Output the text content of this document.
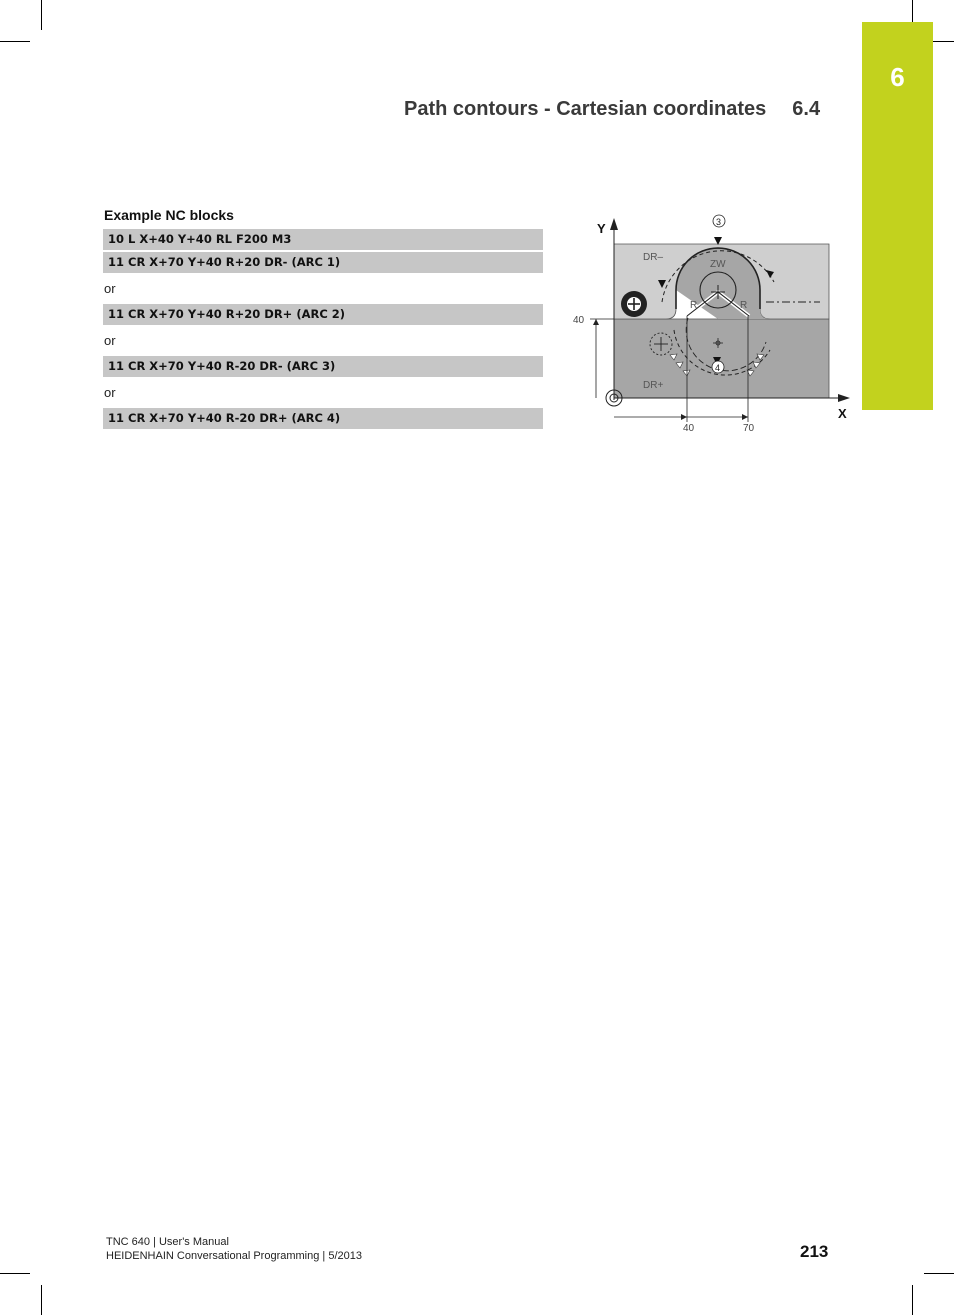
6
Path contours - Cartesian coordinates 6.4
Example NC blocks
10 L X+40 Y+40 RL F200 M3
11 CR X+70 Y+40 R+20 DR- (ARC 1)
or
11 CR X+70 Y+40 R+20 DR+ (ARC 2)
or
11 CR X+70 Y+40 R-20 DR- (ARC 3)
or
11 CR X+70 Y+40 R-20 DR+ (ARC 4)
Y
X
40
40	70
DR–
DR+
ZW
R	R
3
4
TNC 640 | User's Manual
HEIDENHAIN Conversational Programming | 5/2013	213
